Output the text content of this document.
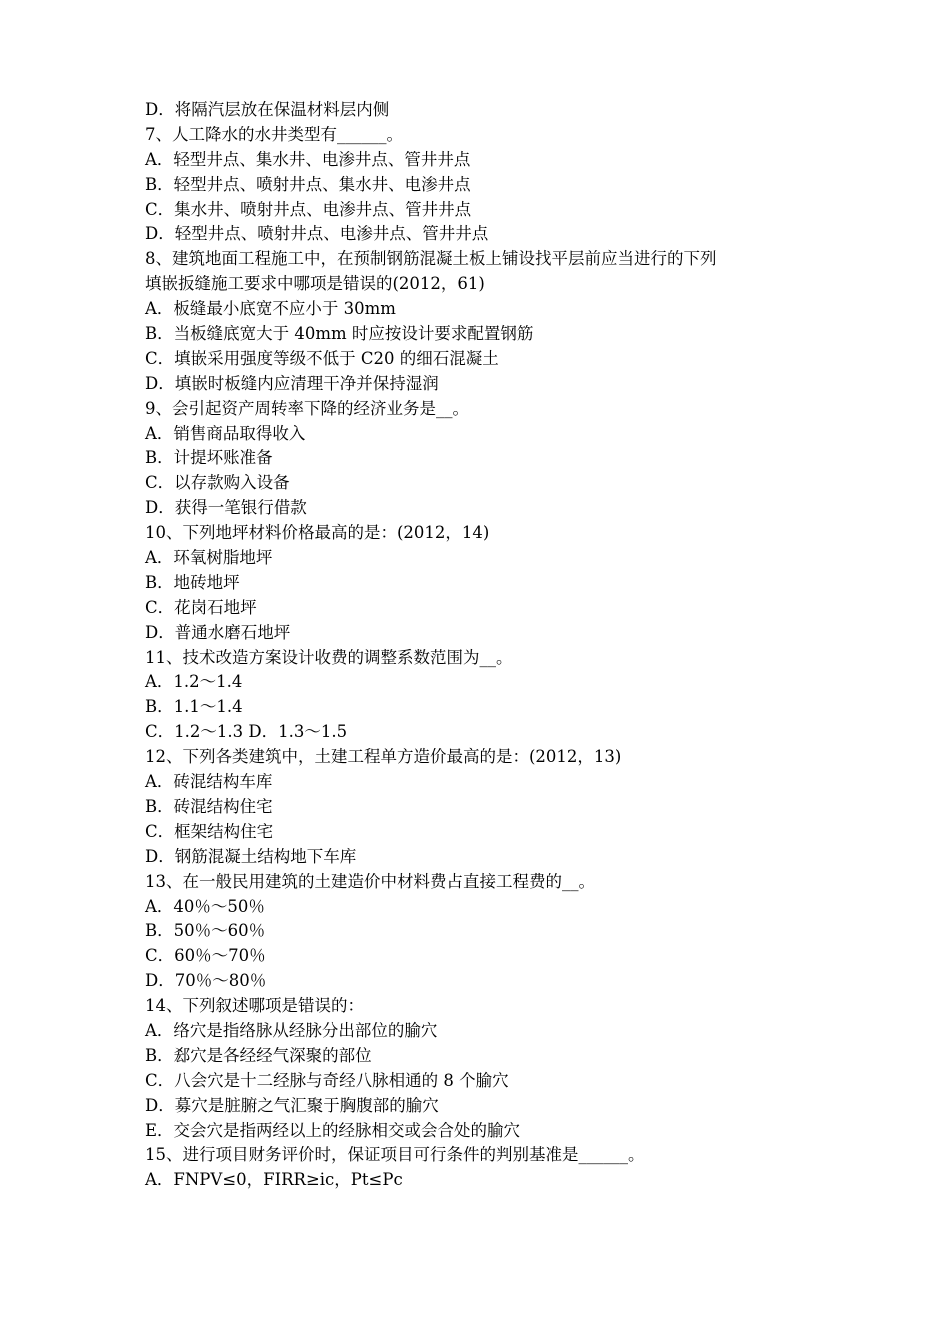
D．将隔汽层放在保温材料层内侧
7、人工降水的水井类型有______。
A．轻型井点、集水井、电渗井点、管井井点
B．轻型井点、喷射井点、集水井、电渗井点
C．集水井、喷射井点、电渗井点、管井井点
D．轻型井点、喷射井点、电渗井点、管井井点
8、建筑地面工程施工中，在预制钢筋混凝土板上铺设找平层前应当进行的下列
填嵌扳缝施工要求中哪项是错误的(2012，61)
A．板缝最小底宽不应小于 30mm
B．当板缝底宽大于 40mm 时应按设计要求配置钢筋
C．填嵌采用强度等级不低于 C20 的细石混凝土
D．填嵌时板缝内应清理干净并保持湿润
9、会引起资产周转率下降的经济业务是__。
A．销售商品取得收入
B．计提坏账准备
C．以存款购入设备
D．获得一笔银行借款
10、下列地坪材料价格最高的是：(2012，14)
A．环氧树脂地坪
B．地砖地坪
C．花岗石地坪
D．普通水磨石地坪
11、技术改造方案设计收费的调整系数范围为__。
A．1.2～1.4
B．1.1～1.4
C．1.2～1.3 D．1.3～1.5
12、下列各类建筑中，土建工程单方造价最高的是：(2012，13)
A．砖混结构车库
B．砖混结构住宅
C．框架结构住宅
D．钢筋混凝土结构地下车库
13、在一般民用建筑的土建造价中材料费占直接工程费的__。
A．40％～50％
B．50％～60％
C．60％～70％
D．70％～80％
14、下列叙述哪项是错误的：
A．络穴是指络脉从经脉分出部位的腧穴
B．郄穴是各经经气深聚的部位
C．八会穴是十二经脉与奇经八脉相通的 8 个腧穴
D．募穴是脏腑之气汇聚于胸腹部的腧穴
E．交会穴是指两经以上的经脉相交或会合处的腧穴
15、进行项目财务评价时，保证项目可行条件的判别基准是______。
A．FNPV≤0，FIRR≥ic，Pt≤Pc
